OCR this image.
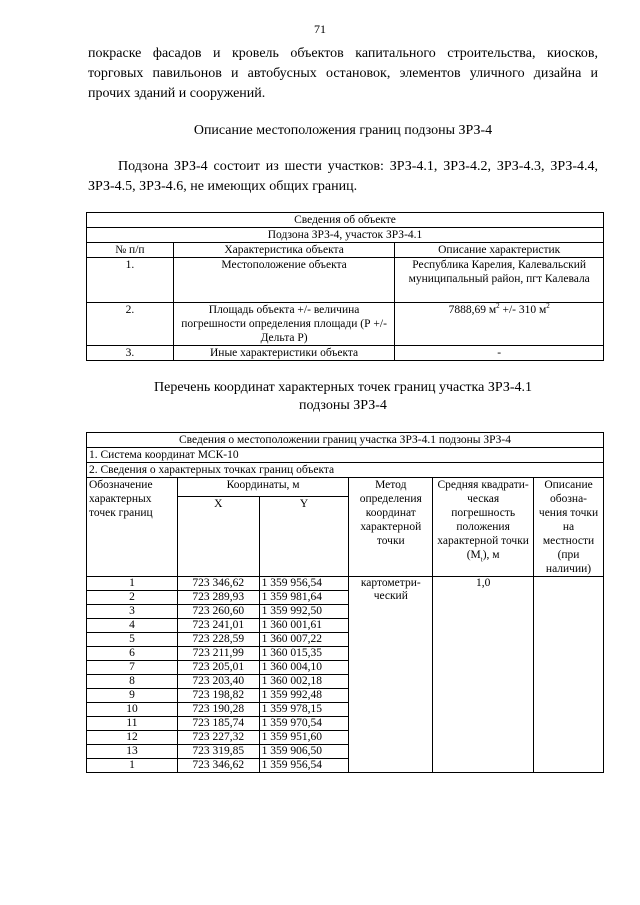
71
покраске фасадов и кровель объектов капитального строительства, киосков, торговых павильонов и автобусных остановок, элементов уличного дизайна и прочих зданий и сооружений.
Описание местоположения границ подзоны ЗРЗ-4
Подзона ЗРЗ-4 состоит из шести участков: ЗРЗ-4.1, ЗРЗ-4.2, ЗРЗ-4.3, ЗРЗ-4.4, ЗРЗ-4.5, ЗРЗ-4.6, не имеющих общих границ.
Сведения об объекте		
Подзона ЗРЗ-4, участок ЗРЗ-4.1		
№ п/п	Характеристика объекта	Описание характеристик
1.	Местоположение объекта	Республика Карелия, Калевальский муниципальный район, пгт Калевала
2.	Площадь объекта +/- величина погрешности определения площади (Р +/- Дельта Р)	7888,69 $м^2$ +/- 310 $м^2$
3.	Иные характеристики объекта	-
Перечень координат характерных точек границ участка ЗРЗ-4.1
подзоны ЗРЗ-4
Сведения о местоположении границ участка ЗРЗ-4.1 подзоны ЗРЗ-4					
1. Система координат МСК-10					
2. Сведения о характерных точках границ объекта					
Обозначение характерных точек границ	Координаты, м		Метод определения координат характерной точки	Средняя квадрати-ческая погрешность положения характерной точки $(M_t)$, м	Описание обозна-чения точки на местности (при наличии)
	X	Y			
1	723 346,62	1 359 956,54	картометри-ческий	1,0	
2	723 289,93	1 359 981,64			
3	723 260,60	1 359 992,50			
4	723 241,01	1 360 001,61			
5	723 228,59	1 360 007,22			
6	723 211,99	1 360 015,35			
7	723 205,01	1 360 004,10			
8	723 203,40	1 360 002,18			
9	723 198,82	1 359 992,48			
10	723 190,28	1 359 978,15			
11	723 185,74	1 359 970,54			
12	723 227,32	1 359 951,60			
13	723 319,85	1 359 906,50			
1	723 346,62	1 359 956,54			
